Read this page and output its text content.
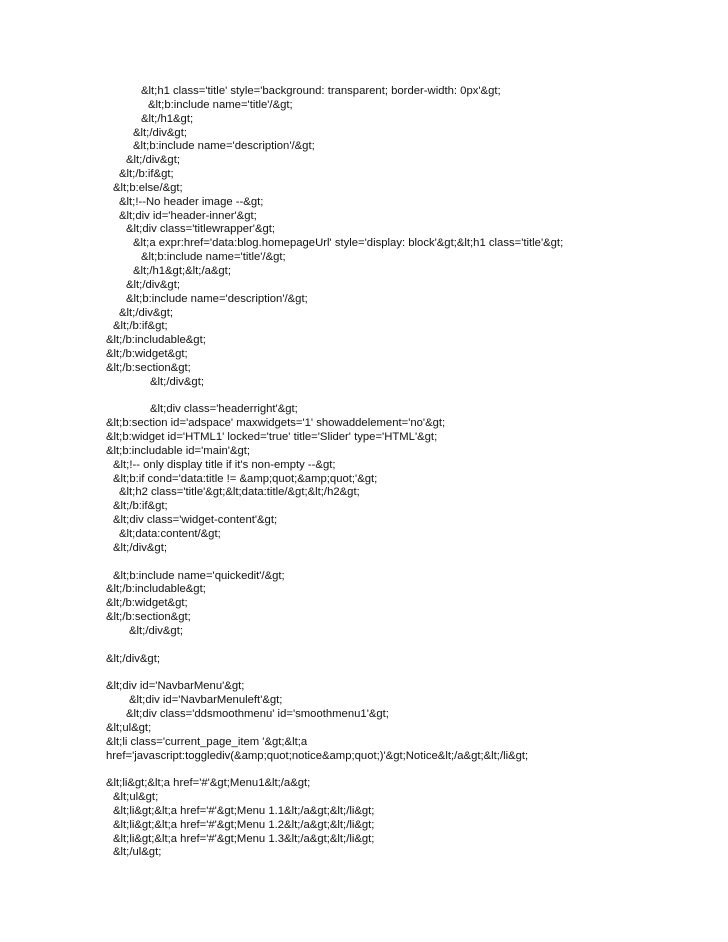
&lt;h1 class='title' style='background: transparent; border-width: 0px'&gt;
&lt;b:include name='title'/&gt;
&lt;/h1&gt;
&lt;/div&gt;
&lt;b:include name='description'/&gt;
&lt;/div&gt;
&lt;/b:if&gt;
&lt;b:else/&gt;
&lt;!--No header image --&gt;
&lt;div id='header-inner'&gt;
&lt;div class='titlewrapper'&gt;
&lt;a expr:href='data:blog.homepageUrl' style='display: block'&gt;&lt;h1 class='title'&gt;
&lt;b:include name='title'/&gt;
&lt;/h1&gt;&lt;/a&gt;
&lt;/div&gt;
&lt;b:include name='description'/&gt;
&lt;/div&gt;
&lt;/b:if&gt;
&lt;/b:includable&gt;
&lt;/b:widget&gt;
&lt;/b:section&gt;
&lt;/div&gt;
&lt;div class='headerright'&gt;
&lt;b:section id='adspace' maxwidgets='1' showaddelement='no'&gt;
&lt;b:widget id='HTML1' locked='true' title='Slider' type='HTML'&gt;
&lt;b:includable id='main'&gt;
&lt;!-- only display title if it's non-empty --&gt;
&lt;b:if cond='data:title != &amp;quot;&amp;quot;'&gt;
&lt;h2 class='title'&gt;&lt;data:title/&gt;&lt;/h2&gt;
&lt;/b:if&gt;
&lt;div class='widget-content'&gt;
&lt;data:content/&gt;
&lt;/div&gt;
&lt;b:include name='quickedit'/&gt;
&lt;/b:includable&gt;
&lt;/b:widget&gt;
&lt;/b:section&gt;
&lt;/div&gt;
&lt;/div&gt;
&lt;div id='NavbarMenu'&gt;
&lt;div id='NavbarMenuleft'&gt;
&lt;div class='ddsmoothmenu' id='smoothmenu1'&gt;
&lt;ul&gt;
&lt;li class='current_page_item '&gt;&lt;a
href='javascript:togglediv(&amp;quot;notice&amp;quot;)'&gt;Notice&lt;/a&gt;&lt;/li&gt;
&lt;li&gt;&lt;a href='#'&gt;Menu1&lt;/a&gt;
&lt;ul&gt;
&lt;li&gt;&lt;a href='#'&gt;Menu 1.1&lt;/a&gt;&lt;/li&gt;
&lt;li&gt;&lt;a href='#'&gt;Menu 1.2&lt;/a&gt;&lt;/li&gt;
&lt;li&gt;&lt;a href='#'&gt;Menu 1.3&lt;/a&gt;&lt;/li&gt;
&lt;/ul&gt;
